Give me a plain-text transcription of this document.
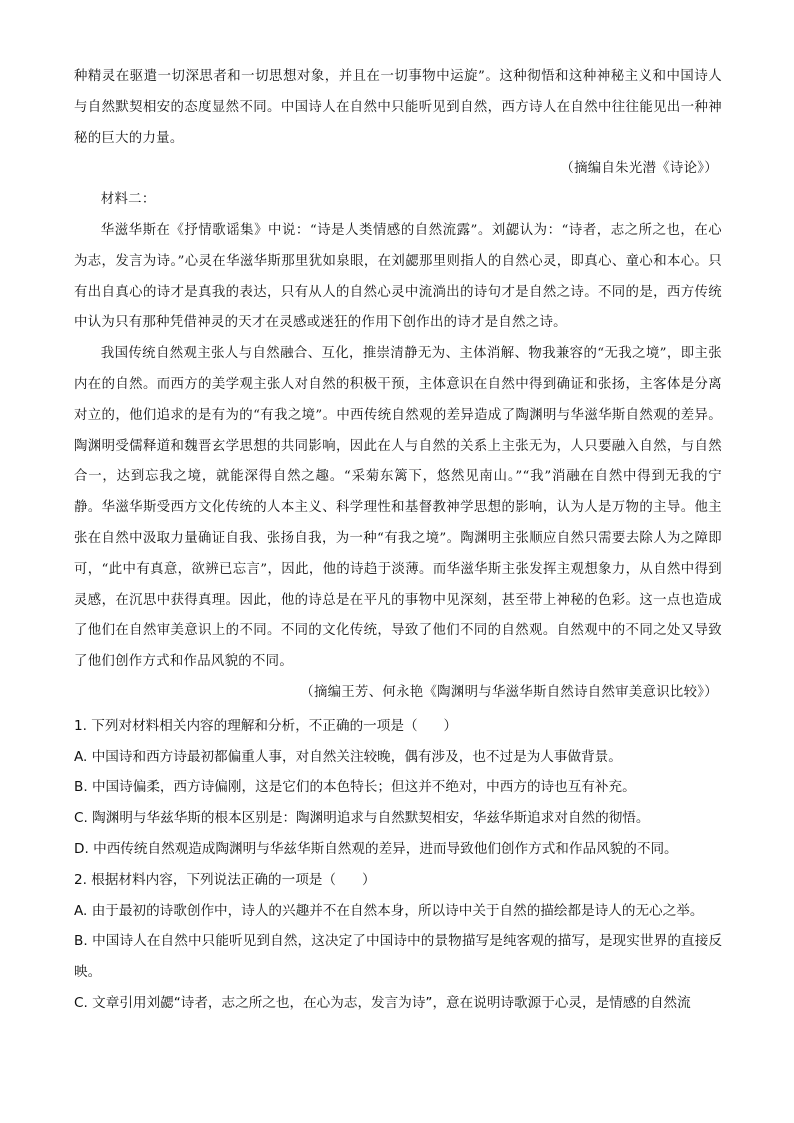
种精灵在驱遣一切深思者和一切思想对象，并且在一切事物中运旋”。这种彻悟和这种神秘主义和中国诗人与自然默契相安的态度显然不同。中国诗人在自然中只能听见到自然，西方诗人在自然中往往能见出一种神秘的巨大的力量。

（摘编自朱光潜《诗论》）

材料二：

华滋华斯在《抒情歌谣集》中说：“诗是人类情感的自然流露”。刘勰认为：“诗者，志之所之也，在心为志，发言为诗。”心灵在华滋华斯那里犹如泉眼，在刘勰那里则指人的自然心灵，即真心、童心和本心。只有出自真心的诗才是真我的表达，只有从人的自然心灵中流淌出的诗句才是自然之诗。不同的是，西方传统中认为只有那种凭借神灵的天才在灵感或迷狂的作用下创作出的诗才是自然之诗。

我国传统自然观主张人与自然融合、互化，推崇清静无为、主体消解、物我兼容的“无我之境”，即主张内在的自然。而西方的美学观主张人对自然的积极干预，主体意识在自然中得到确证和张扬，主客体是分离对立的，他们追求的是有为的“有我之境”。中西传统自然观的差异造成了陶渊明与华滋华斯自然观的差异。陶渊明受儒释道和魏晋玄学思想的共同影响，因此在人与自然的关系上主张无为，人只要融入自然，与自然合一，达到忘我之境，就能深得自然之趣。“采菊东篱下，悠然见南山。”“我”消融在自然中得到无我的宁静。华滋华斯受西方文化传统的人本主义、科学理性和基督教神学思想的影响，认为人是万物的主导。他主张在自然中汲取力量确证自我、张扬自我，为一种“有我之境”。陶渊明主张顺应自然只需要去除人为之障即可，“此中有真意，欲辨已忘言”，因此，他的诗趋于淡薄。而华滋华斯主张发挥主观想象力，从自然中得到灵感，在沉思中获得真理。因此，他的诗总是在平凡的事物中见深刻，甚至带上神秘的色彩。这一点也造成了他们在自然审美意识上的不同。不同的文化传统，导致了他们不同的自然观。自然观中的不同之处又导致了他们创作方式和作品风貌的不同。

（摘编王芳、何永艳《陶渊明与华滋华斯自然诗自然审美意识比较》）

1. 下列对材料相关内容的理解和分析，不正确的一项是（ ）

A. 中国诗和西方诗最初都偏重人事，对自然关注较晚，偶有涉及，也不过是为人事做背景。
B. 中国诗偏柔，西方诗偏刚，这是它们的本色特长；但这并不绝对，中西方的诗也互有补充。
C. 陶渊明与华兹华斯的根本区别是：陶渊明追求与自然默契相安，华兹华斯追求对自然的彻悟。
D. 中西传统自然观造成陶渊明与华兹华斯自然观的差异，进而导致他们创作方式和作品风貌的不同。

2. 根据材料内容，下列说法正确的一项是（ ）

A. 由于最初的诗歌创作中，诗人的兴趣并不在自然本身，所以诗中关于自然的描绘都是诗人的无心之举。
B. 中国诗人在自然中只能听见到自然，这决定了中国诗中的景物描写是纯客观的描写，是现实世界的直接反映。
C. 文章引用刘勰“诗者，志之所之也，在心为志，发言为诗”，意在说明诗歌源于心灵，是情感的自然流
